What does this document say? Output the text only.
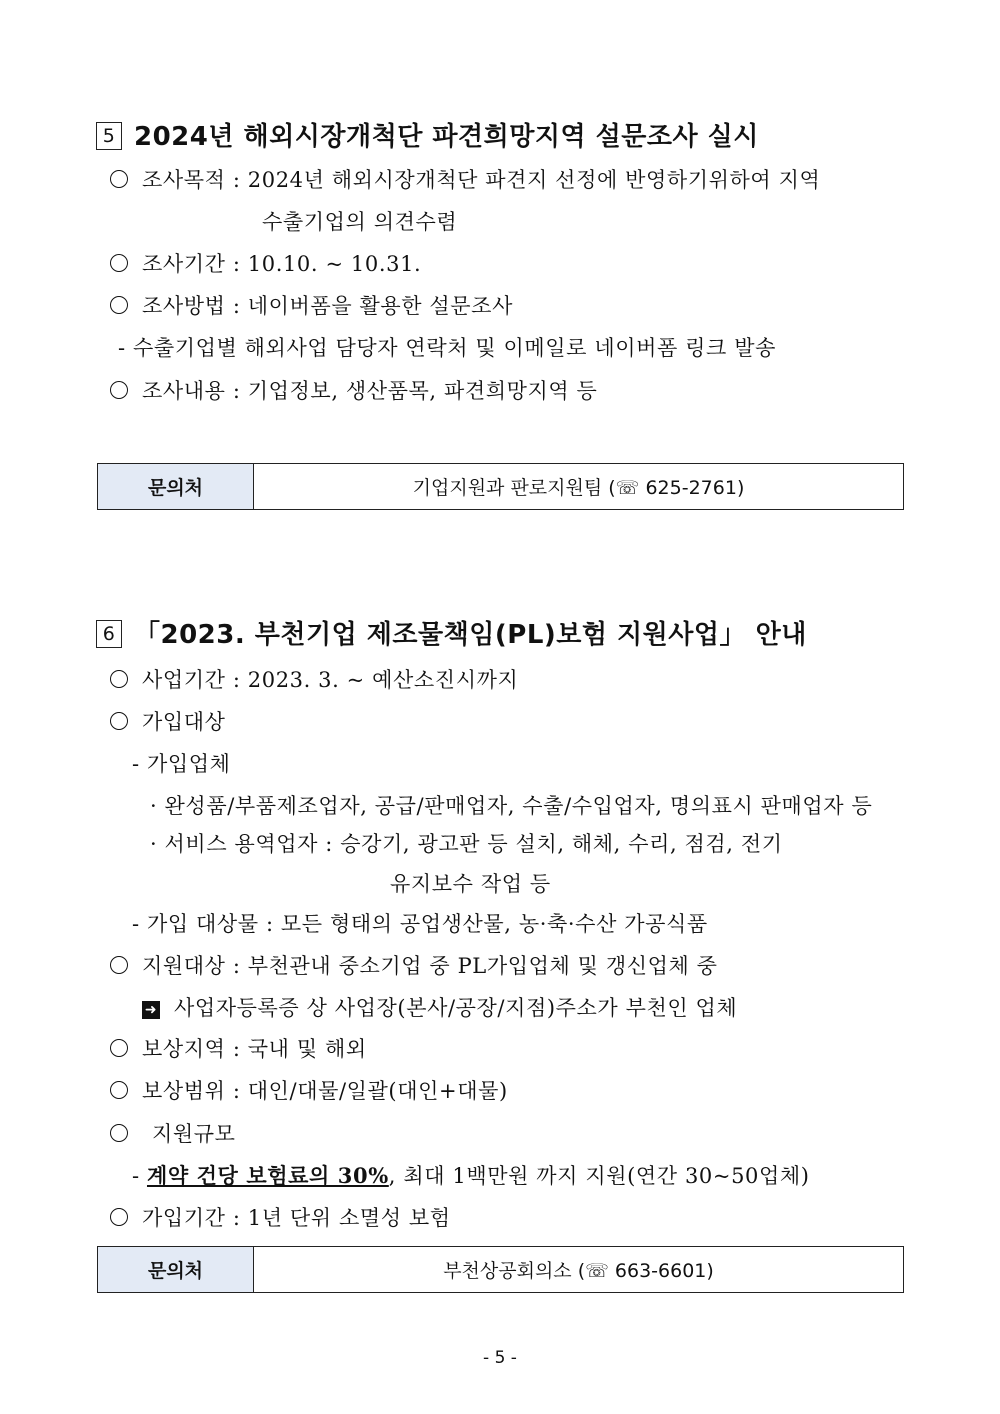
5 2024년 해외시장개척단 파견희망지역 설문조사 실시
조사목적 : 2024년 해외시장개척단 파견지 선정에 반영하기위하여 지역
수출기업의 의견수렴
조사기간 : 10.10. ~ 10.31.
조사방법 : 네이버폼을 활용한 설문조사
- 수출기업별 해외사업 담당자 연락처 및 이메일로 네이버폼 링크 발송
조사내용 : 기업정보, 생산품목, 파견희망지역 등
문의처	기업지원과 판로지원팀 (☏ 625-2761)
6 「2023. 부천기업 제조물책임(PL)보험 지원사업」 안내
사업기간 : 2023. 3. ~ 예산소진시까지
가입대상
- 가입업체
· 완성품/부품제조업자, 공급/판매업자, 수출/수입업자, 명의표시 판매업자 등
· 서비스 용역업자 : 승강기, 광고판 등 설치, 해체, 수리, 점검, 전기
유지보수 작업 등
- 가입 대상물 : 모든 형태의 공업생산물, 농·축·수산 가공식품
지원대상 : 부천관내 중소기업 중 PL가입업체 및 갱신업체 중
➜ 사업자등록증 상 사업장(본사/공장/지점)주소가 부천인 업체
보상지역 : 국내 및 해외
보상범위 : 대인/대물/일괄(대인+대물)
지원규모
- 계약 건당 보험료의 30%, 최대 1백만원 까지 지원(연간 30~50업체)
가입기간 : 1년 단위 소멸성 보험
문의처	부천상공회의소 (☏ 663-6601)
- 5 -
